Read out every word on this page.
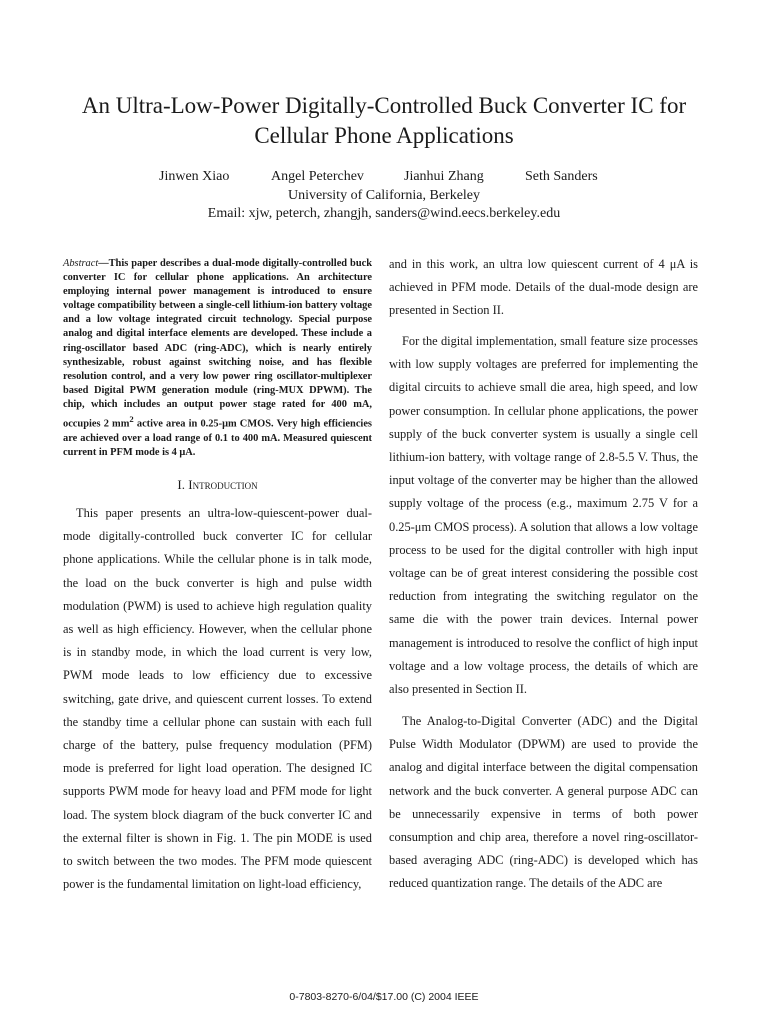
An Ultra-Low-Power Digitally-Controlled Buck Converter IC for
Cellular Phone Applications
Jinwen Xiao	Angel Peterchev	Jianhui Zhang	Seth Sanders
University of California, Berkeley
Email: xjw, peterch, zhangjh, sanders@wind.eecs.berkeley.edu

Abstract—This paper describes a dual-mode digitally-controlled buck converter IC for cellular phone applications. An architecture employing internal power management is introduced to ensure voltage compatibility between a single-cell lithium-ion battery voltage and a low voltage integrated circuit technology. Special purpose analog and digital interface elements are developed. These include a ring-oscillator based ADC (ring-ADC), which is nearly entirely synthesizable, robust against switching noise, and has flexible resolution control, and a very low power ring oscillator-multiplexer based Digital PWM generation module (ring-MUX DPWM). The chip, which includes an output power stage rated for 400 mA, occupies 2 $mm^2$ active area in 0.25-μm CMOS. Very high efficiencies are achieved over a load range of 0.1 to 400 mA. Measured quiescent current in PFM mode is 4 μA.

I. Introduction

This paper presents an ultra-low-quiescent-power dual-mode digitally-controlled buck converter IC for cellular phone applications. While the cellular phone is in talk mode, the load on the buck converter is high and pulse width modulation (PWM) is used to achieve high regulation quality as well as high efficiency. However, when the cellular phone is in standby mode, in which the load current is very low, PWM mode leads to low efficiency due to excessive switching, gate drive, and quiescent current losses. To extend the standby time a cellular phone can sustain with each full charge of the battery, pulse frequency modulation (PFM) mode is preferred for light load operation. The designed IC supports PWM mode for heavy load and PFM mode for light load. The system block diagram of the buck converter IC and the external filter is shown in Fig. 1. The pin MODE is used to switch between the two modes. The PFM mode quiescent power is the fundamental limitation on light-load efficiency,

and in this work, an ultra low quiescent current of 4 μA is achieved in PFM mode. Details of the dual-mode design are presented in Section II.

For the digital implementation, small feature size processes with low supply voltages are preferred for implementing the digital circuits to achieve small die area, high speed, and low power consumption. In cellular phone applications, the power supply of the buck converter system is usually a single cell lithium-ion battery, with voltage range of 2.8-5.5 V. Thus, the input voltage of the converter may be higher than the allowed supply voltage of the process (e.g., maximum 2.75 V for a 0.25-μm CMOS process). A solution that allows a low voltage process to be used for the digital controller with high input voltage can be of great interest considering the possible cost reduction from integrating the switching regulator on the same die with the power train devices. Internal power management is introduced to resolve the conflict of high input voltage and a low voltage process, the details of which are also presented in Section II.

The Analog-to-Digital Converter (ADC) and the Digital Pulse Width Modulator (DPWM) are used to provide the analog and digital interface between the digital compensation network and the buck converter. A general purpose ADC can be unnecessarily expensive in terms of both power consumption and chip area, therefore a novel ring-oscillator-based averaging ADC (ring-ADC) is developed which has reduced quantization range. The details of the ADC are

0-7803-8270-6/04/$17.00 (C) 2004 IEEE
